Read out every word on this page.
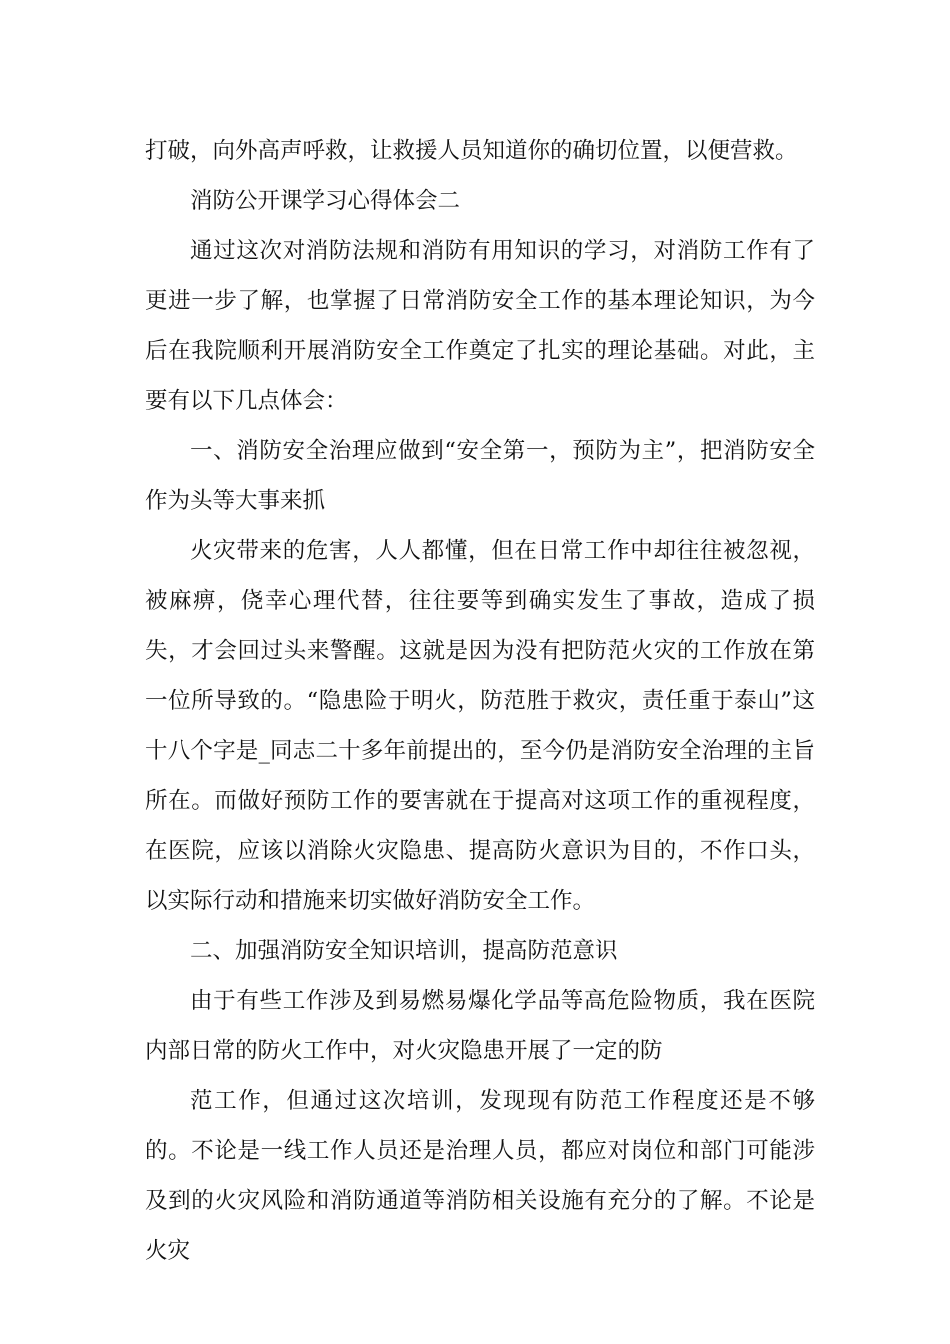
打破，向外高声呼救，让救援人员知道你的确切位置，以便营救。

消防公开课学习心得体会二

通过这次对消防法规和消防有用知识的学习，对消防工作有了更进一步了解，也掌握了日常消防安全工作的基本理论知识，为今后在我院顺利开展消防安全工作奠定了扎实的理论基础。对此，主要有以下几点体会：

一、消防安全治理应做到“安全第一，预防为主”，把消防安全作为头等大事来抓

火灾带来的危害，人人都懂，但在日常工作中却往往被忽视，被麻痹，侥幸心理代替，往往要等到确实发生了事故，造成了损失，才会回过头来警醒。这就是因为没有把防范火灾的工作放在第一位所导致的。“隐患险于明火，防范胜于救灾，责任重于泰山”这十八个字是_同志二十多年前提出的，至今仍是消防安全治理的主旨所在。而做好预防工作的要害就在于提高对这项工作的重视程度，在医院，应该以消除火灾隐患、提高防火意识为目的，不作口头，以实际行动和措施来切实做好消防安全工作。

二、加强消防安全知识培训，提高防范意识

由于有些工作涉及到易燃易爆化学品等高危险物质，我在医院内部日常的防火工作中，对火灾隐患开展了一定的防

范工作，但通过这次培训，发现现有防范工作程度还是不够的。不论是一线工作人员还是治理人员，都应对岗位和部门可能涉及到的火灾风险和消防通道等消防相关设施有充分的了解。不论是火灾
